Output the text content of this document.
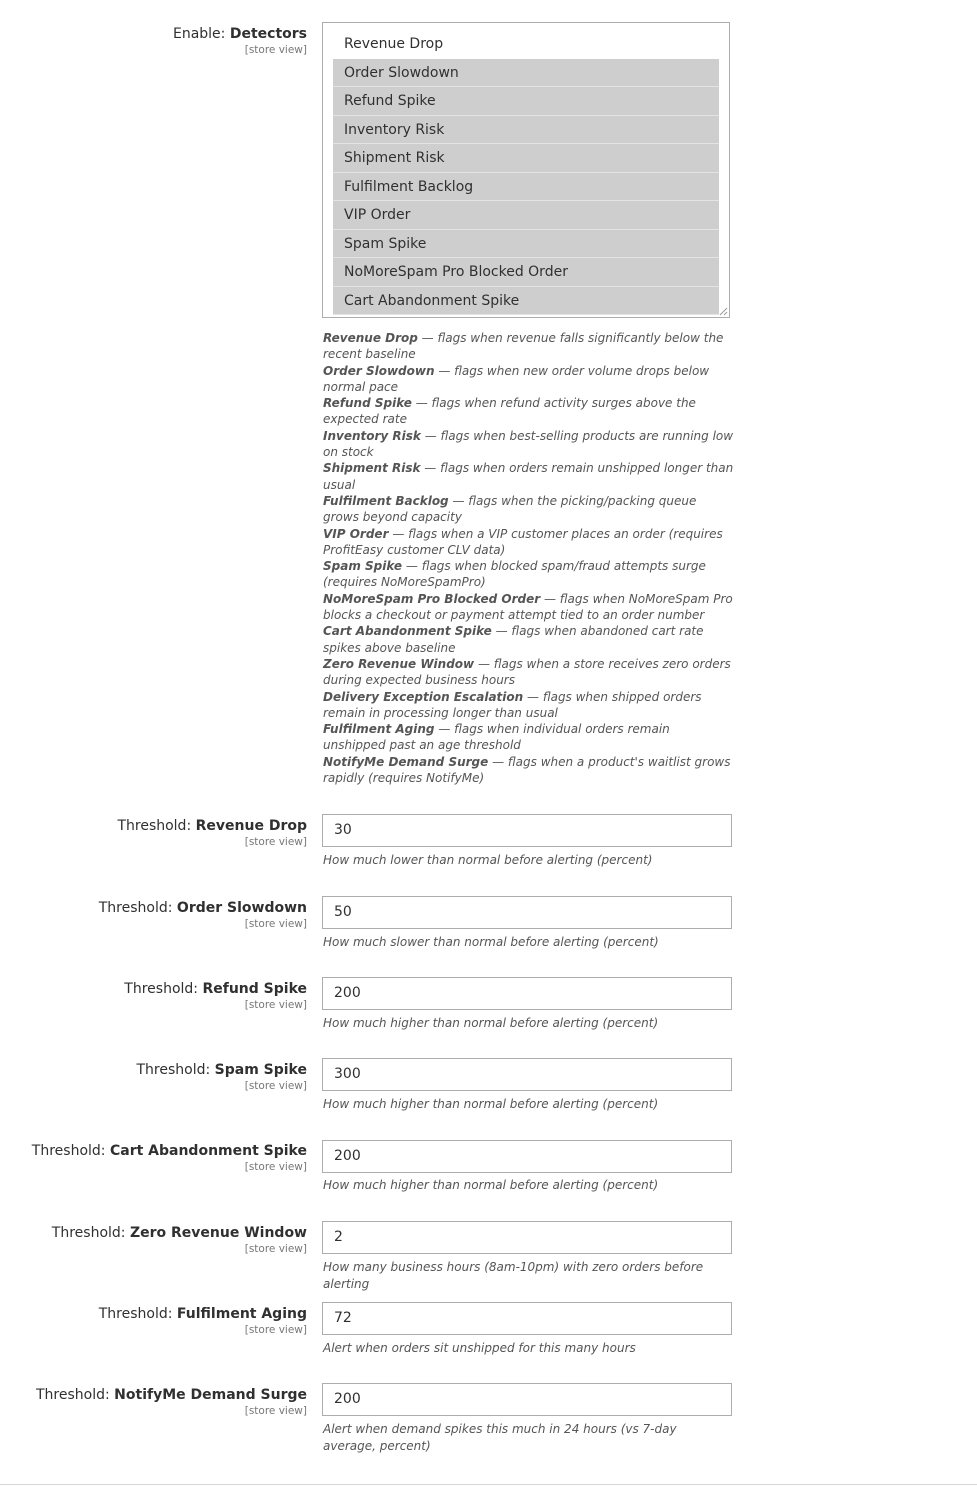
Enable: Detectors
[store view]	Revenue Drop
Order Slowdown
Refund Spike
Inventory Risk
Shipment Risk
Fulfilment Backlog
VIP Order
Spam Spike
NoMoreSpam Pro Blocked Order
Cart Abandonment Spike
Revenue Drop — flags when revenue falls significantly below the recent baseline
Order Slowdown — flags when new order volume drops below normal pace
Refund Spike — flags when refund activity surges above the expected rate
Inventory Risk — flags when best-selling products are running low on stock
Shipment Risk — flags when orders remain unshipped longer than usual
Fulfilment Backlog — flags when the picking/packing queue grows beyond capacity
VIP Order — flags when a VIP customer places an order (requires ProfitEasy customer CLV data)
Spam Spike — flags when blocked spam/fraud attempts surge (requires NoMoreSpamPro)
NoMoreSpam Pro Blocked Order — flags when NoMoreSpam Pro blocks a checkout or payment attempt tied to an order number
Cart Abandonment Spike — flags when abandoned cart rate spikes above baseline
Zero Revenue Window — flags when a store receives zero orders during expected business hours
Delivery Exception Escalation — flags when shipped orders remain in processing longer than usual
Fulfilment Aging — flags when individual orders remain unshipped past an age threshold
NotifyMe Demand Surge — flags when a product's waitlist grows rapidly (requires NotifyMe)
Threshold: Revenue Drop
[store view]
30
How much lower than normal before alerting (percent)
Threshold: Order Slowdown
[store view]
50
How much slower than normal before alerting (percent)
Threshold: Refund Spike
[store view]
200
How much higher than normal before alerting (percent)
Threshold: Spam Spike
[store view]
300
How much higher than normal before alerting (percent)
Threshold: Cart Abandonment Spike
[store view]
200
How much higher than normal before alerting (percent)
Threshold: Zero Revenue Window
[store view]
2
How many business hours (8am-10pm) with zero orders before alerting
Threshold: Fulfilment Aging
[store view]
72
Alert when orders sit unshipped for this many hours
Threshold: NotifyMe Demand Surge
[store view]
200
Alert when demand spikes this much in 24 hours (vs 7-day average, percent)
